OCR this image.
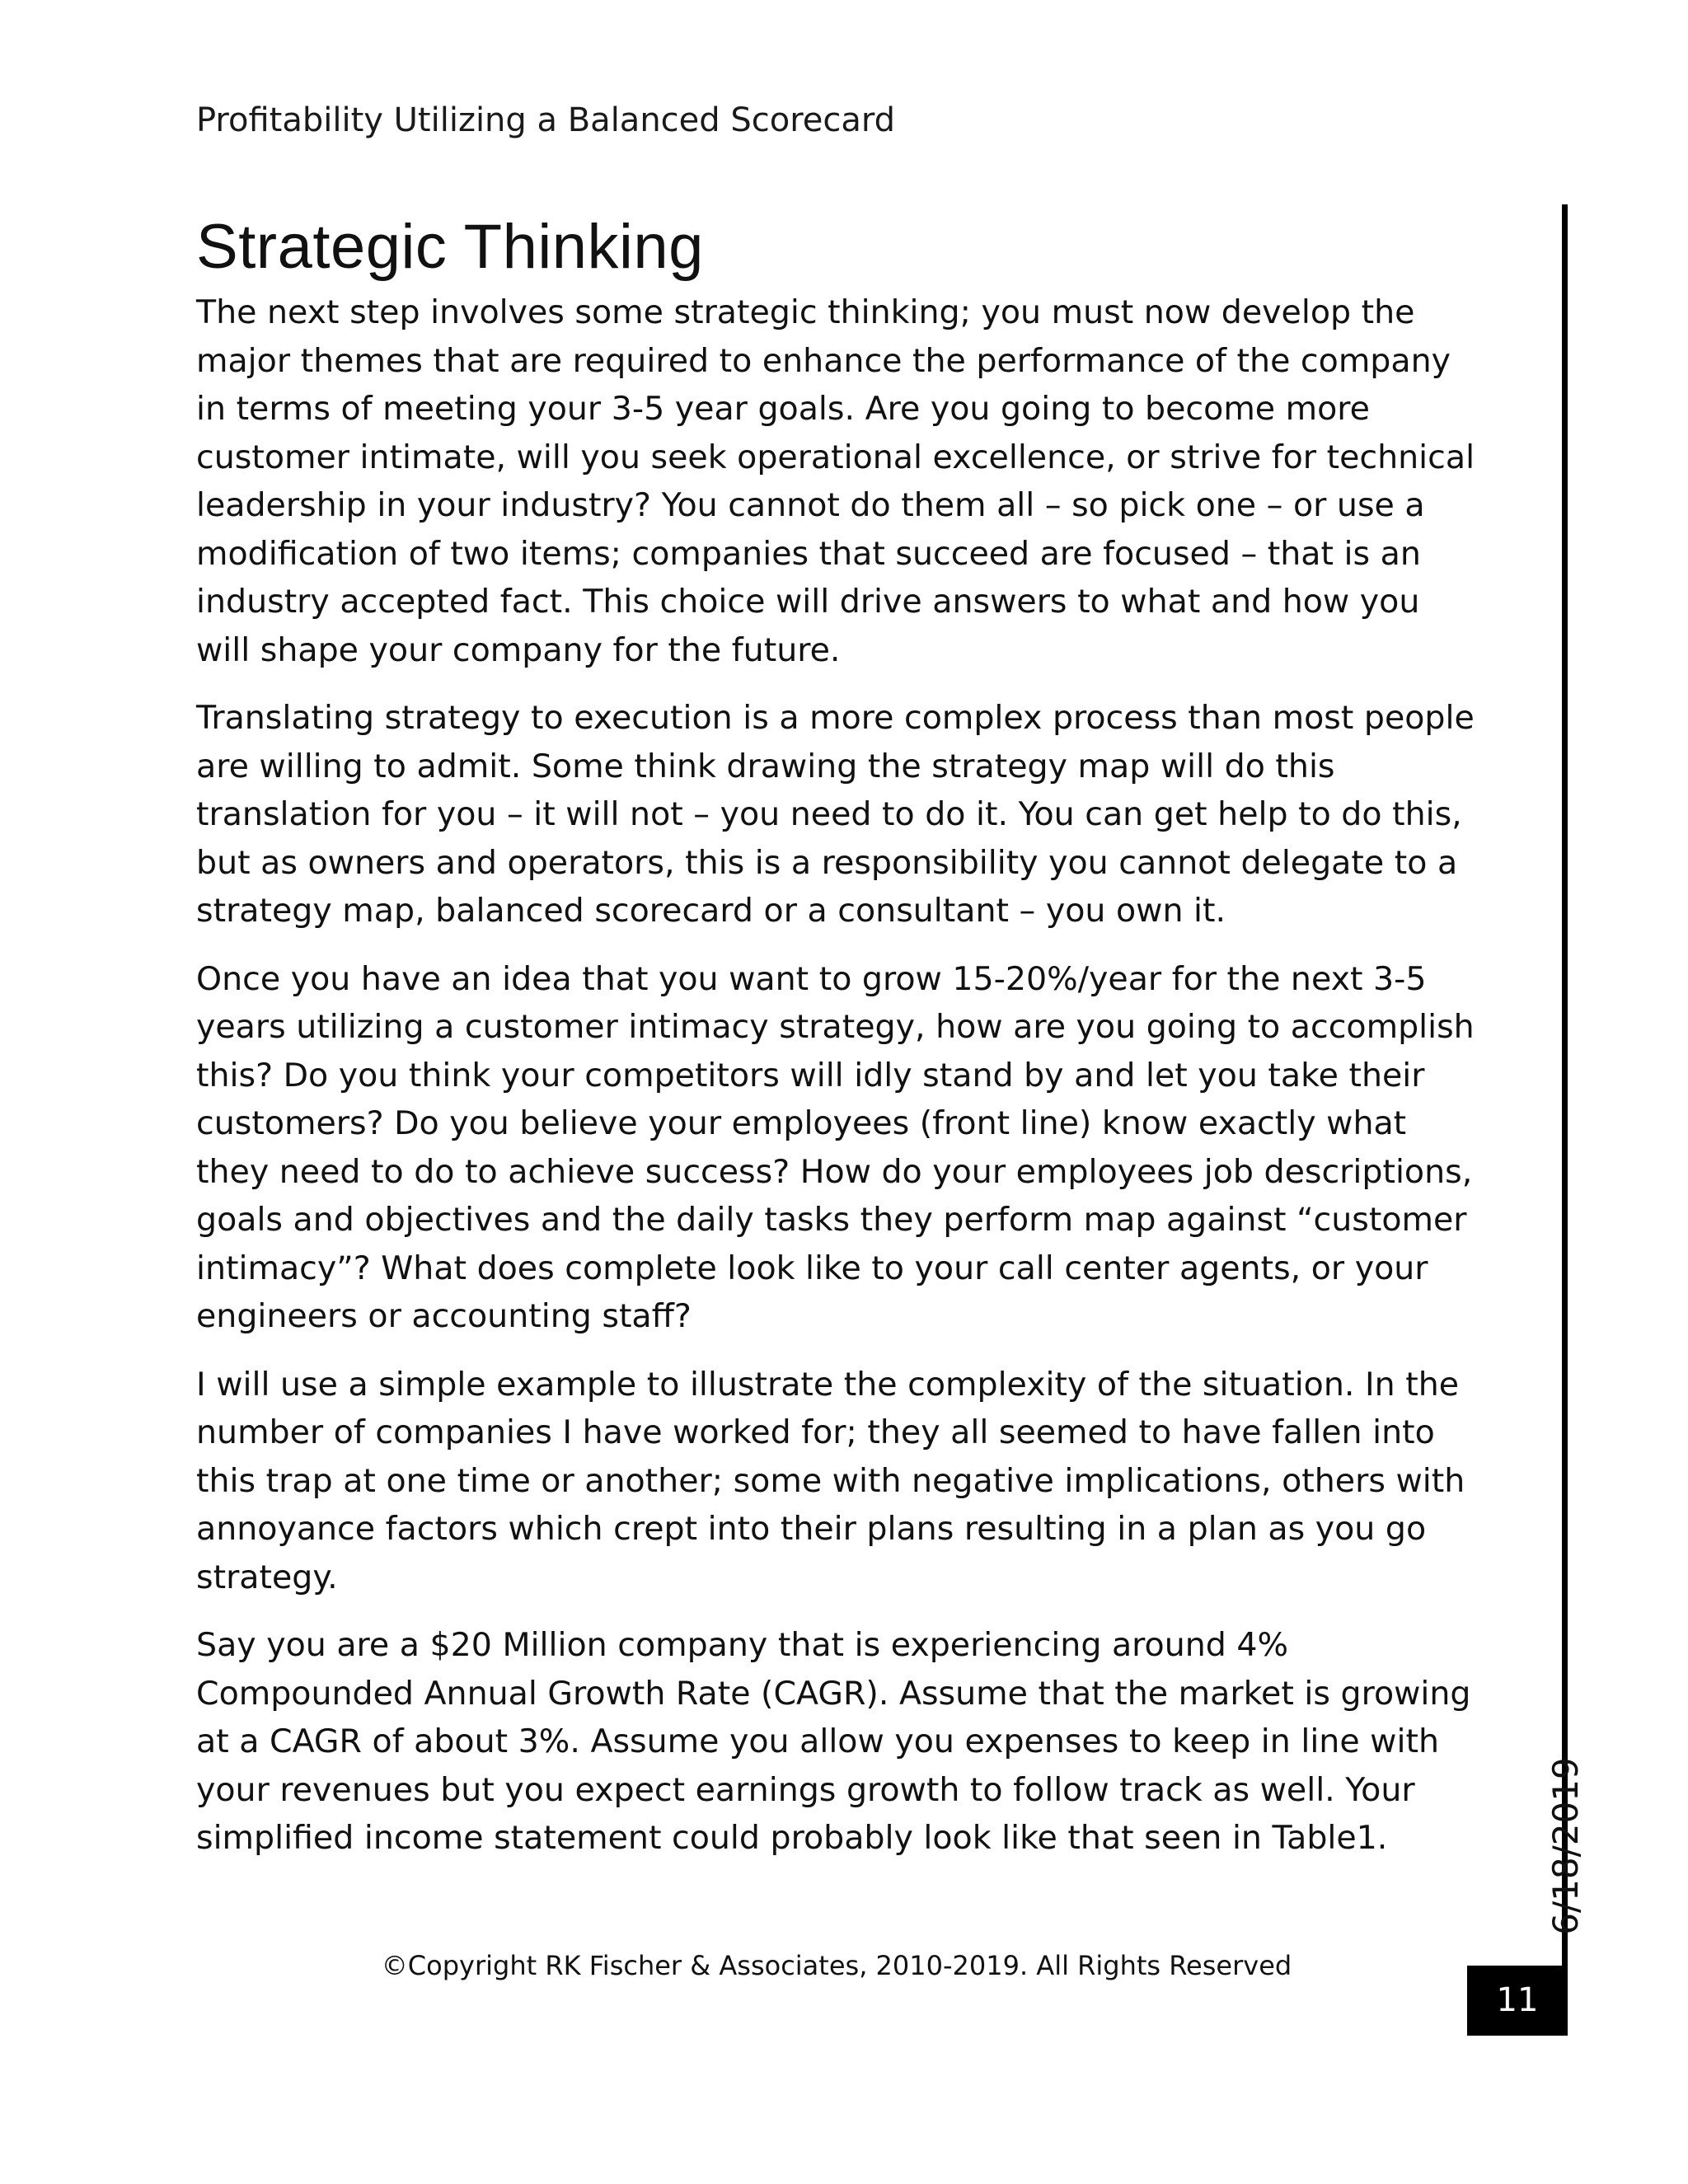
Profitability Utilizing a Balanced Scorecard
Strategic Thinking

The next step involves some strategic thinking; you must now develop the major themes that are required to enhance the performance of the company in terms of meeting your 3-5 year goals. Are you going to become more customer intimate, will you seek operational excellence, or strive for technical leadership in your industry? You cannot do them all – so pick one – or use a modification of two items; companies that succeed are focused – that is an industry accepted fact. This choice will drive answers to what and how you will shape your company for the future.

Translating strategy to execution is a more complex process than most people are willing to admit. Some think drawing the strategy map will do this translation for you – it will not – you need to do it. You can get help to do this, but as owners and operators, this is a responsibility you cannot delegate to a strategy map, balanced scorecard or a consultant – you own it.

Once you have an idea that you want to grow 15-20%/year for the next 3-5 years utilizing a customer intimacy strategy, how are you going to accomplish this? Do you think your competitors will idly stand by and let you take their customers? Do you believe your employees (front line) know exactly what they need to do to achieve success? How do your employees job descriptions, goals and objectives and the daily tasks they perform map against “customer intimacy”? What does complete look like to your call center agents, or your engineers or accounting staff?

I will use a simple example to illustrate the complexity of the situation. In the number of companies I have worked for; they all seemed to have fallen into this trap at one time or another; some with negative implications, others with annoyance factors which crept into their plans resulting in a plan as you go strategy.

Say you are a $20 Million company that is experiencing around 4% Compounded Annual Growth Rate (CAGR). Assume that the market is growing at a CAGR of about 3%. Assume you allow you expenses to keep in line with your revenues but you expect earnings growth to follow track as well. Your simplified income statement could probably look like that seen in Table1.	6/18/2019
11
©Copyright RK Fischer & Associates, 2010-2019. All Rights Reserved
